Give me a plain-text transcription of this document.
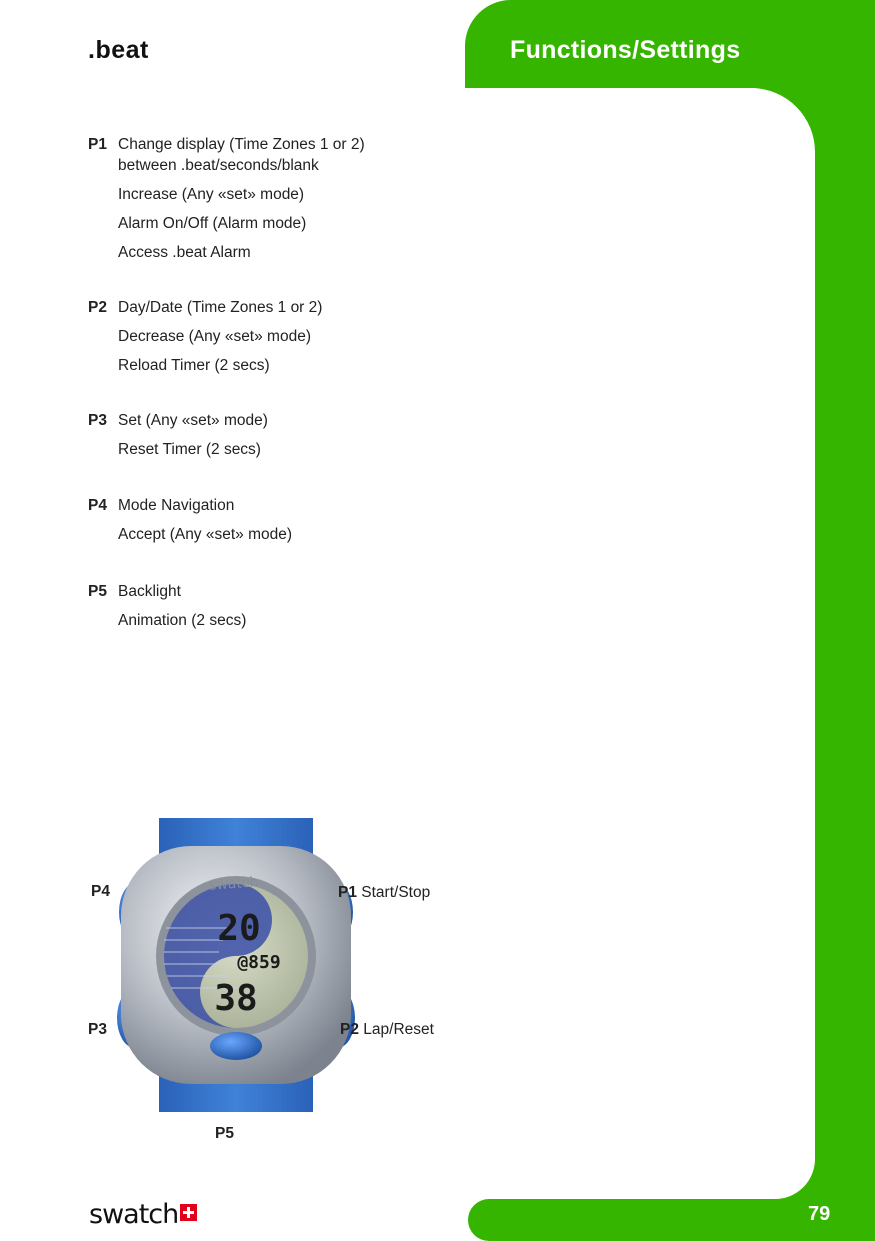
.beat	Functions/Settings
P1 Change display (Time Zones 1 or 2)
between .beat/seconds/blank
Increase (Any «set» mode)
Alarm On/Off (Alarm mode)
Access .beat Alarm
P2 Day/Date (Time Zones 1 or 2)
Decrease (Any «set» mode)
Reload Timer (2 secs)
P3 Set (Any «set» mode)
Reset Timer (2 secs)
P4 Mode Navigation
Accept (Any «set» mode)
P5 Backlight
Animation (2 secs)
20
@859
38
swatch
P4
P3
P5
P1 Start/Stop
P2 Lap/Reset
swatch	79
